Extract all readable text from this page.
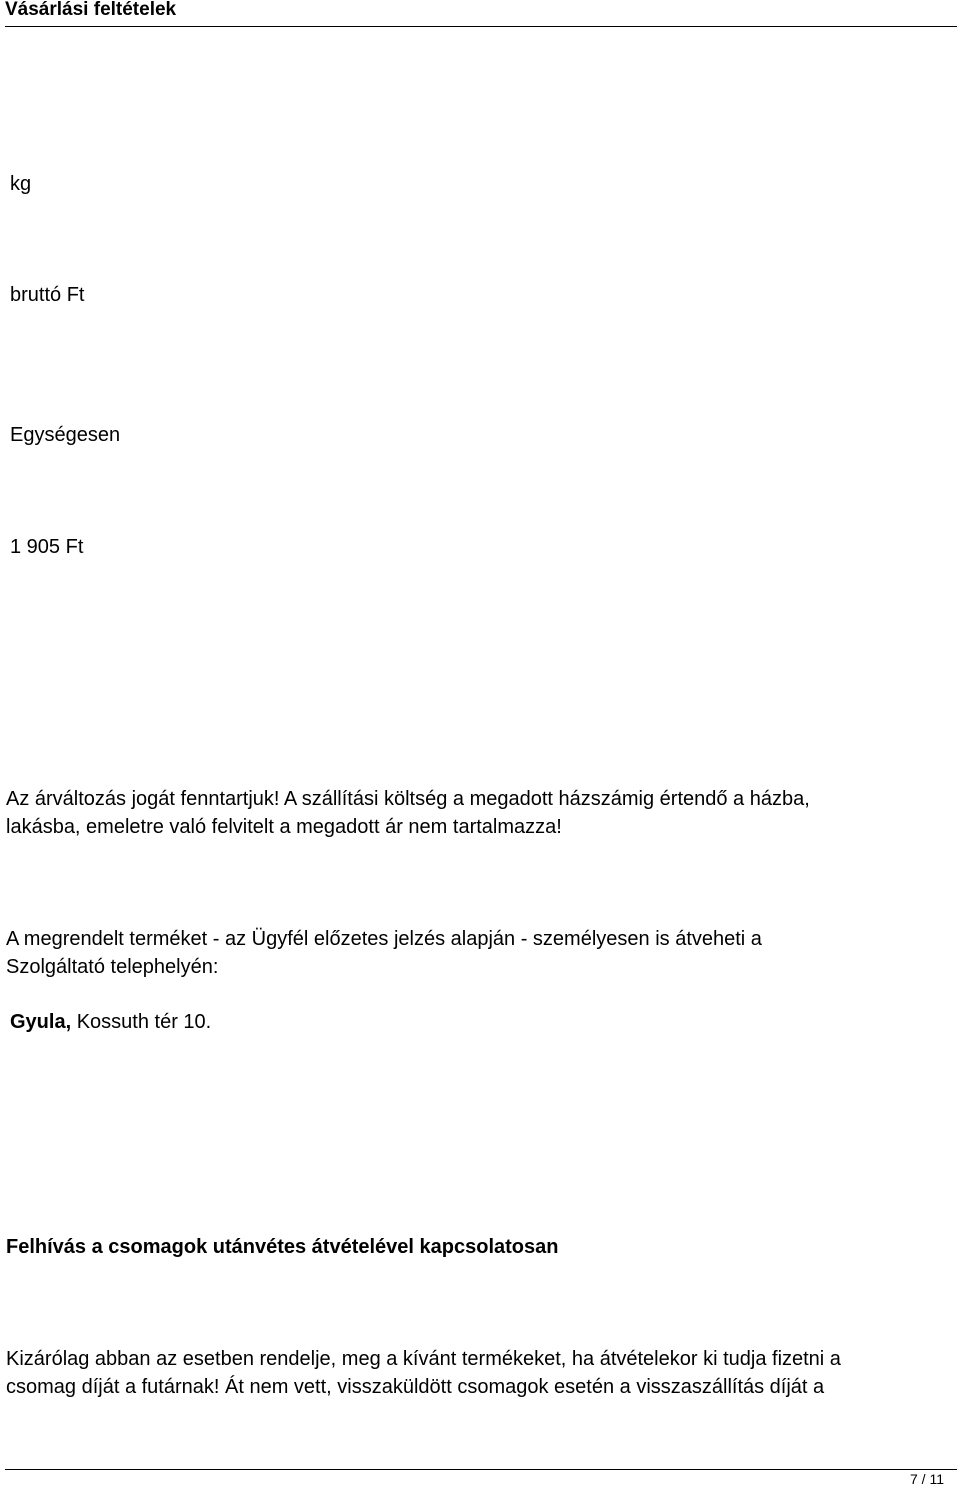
Vásárlási feltételek
kg
bruttó Ft
Egységesen
1 905 Ft
Az árváltozás jogát fenntartjuk! A szállítási költség a megadott házszámig értendő a házba,
lakásba, emeletre való felvitelt a megadott ár nem tartalmazza!
A megrendelt terméket - az Ügyfél előzetes jelzés alapján - személyesen is átveheti a
Szolgáltató telephelyén:
Gyula, Kossuth tér 10.
Felhívás a csomagok utánvétes átvételével kapcsolatosan
Kizárólag abban az esetben rendelje, meg a kívánt termékeket, ha átvételekor ki tudja fizetni a
csomag díját a futárnak! Át nem vett, visszaküldött csomagok esetén a visszaszállítás díját a
7 / 11
